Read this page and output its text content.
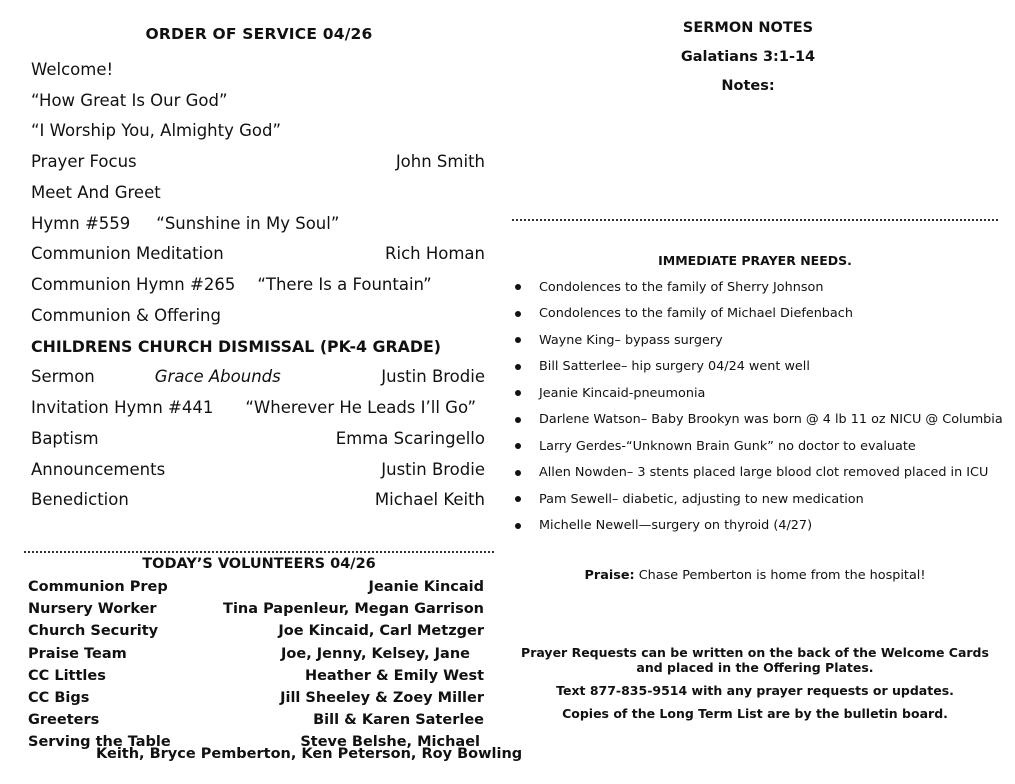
ORDER OF SERVICE 04/26
Welcome!
“How Great Is Our God”
“I Worship You, Almighty God”
Prayer Focus	John Smith
Meet And Greet
Hymn #559 “Sunshine in My Soul”
Communion Meditation	Rich Homan
Communion Hymn #265 “There Is a Fountain”
Communion & Offering
CHILDRENS CHURCH DISMISSAL (PK-4 GRADE)
Sermon	Grace Abounds	Justin Brodie
Invitation Hymn #441 “Wherever He Leads I’ll Go”
Baptism	Emma Scaringello
Announcements	Justin Brodie
Benediction	Michael Keith
TODAY’S VOLUNTEERS 04/26
Communion Prep	Jeanie Kincaid
Nursery Worker	Tina Papenleur, Megan Garrison
Church Security	Joe Kincaid, Carl Metzger
Praise Team	Joe, Jenny, Kelsey, Jane
CC Littles	Heather & Emily West
CC Bigs	Jill Sheeley & Zoey Miller
Greeters	Bill & Karen Saterlee
Serving the Table	Steve Belshe, Michael
Keith, Bryce Pemberton, Ken Peterson, Roy Bowling
SERMON NOTES
Galatians 3:1-14
Notes:
IMMEDIATE PRAYER NEEDS.
Condolences to the family of Sherry Johnson
Condolences to the family of Michael Diefenbach
Wayne King– bypass surgery
Bill Satterlee– hip surgery 04/24 went well
Jeanie Kincaid-pneumonia
Darlene Watson– Baby Brookyn was born @ 4 lb 11 oz NICU @ Columbia
Larry Gerdes-“Unknown Brain Gunk” no doctor to evaluate
Allen Nowden– 3 stents placed large blood clot removed placed in ICU
Pam Sewell– diabetic, adjusting to new medication
Michelle Newell—surgery on thyroid (4/27)
Praise: Chase Pemberton is home from the hospital!
Prayer Requests can be written on the back of the Welcome Cards
and placed in the Offering Plates.
Text 877-835-9514 with any prayer requests or updates.
Copies of the Long Term List are by the bulletin board.
